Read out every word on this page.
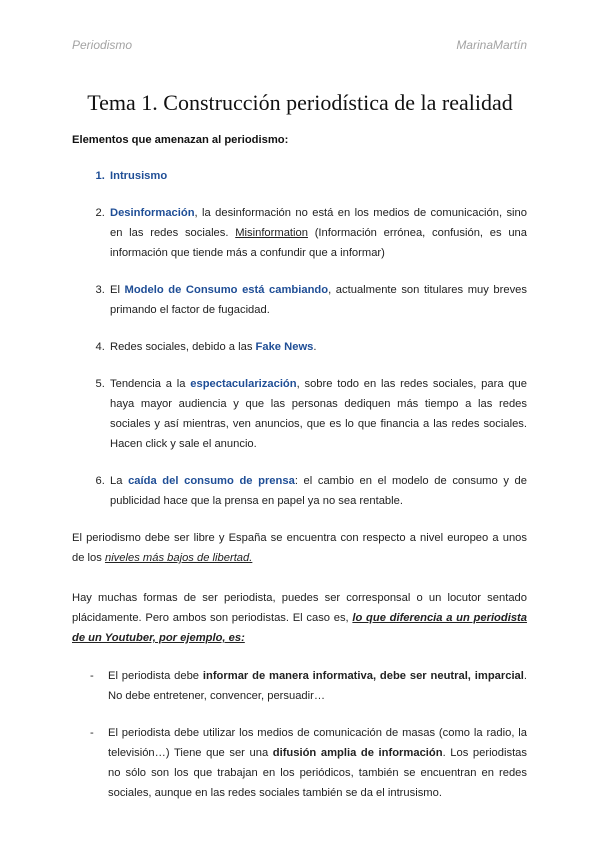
Periodismo	MarinaMartín
Tema 1. Construcción periodística de la realidad

Elementos que amenazan al periodismo:

1. Intrusismo
2. Desinformación, la desinformación no está en los medios de comunicación, sino en las redes sociales. Misinformation (Información errónea, confusión, es una información que tiende más a confundir que a informar)
3. El Modelo de Consumo está cambiando, actualmente son titulares muy breves primando el factor de fugacidad.
4. Redes sociales, debido a las Fake News.
5. Tendencia a la espectacularización, sobre todo en las redes sociales, para que haya mayor audiencia y que las personas dediquen más tiempo a las redes sociales y así mientras, ven anuncios, que es lo que financia a las redes sociales. Hacen click y sale el anuncio.
6. La caída del consumo de prensa: el cambio en el modelo de consumo y de publicidad hace que la prensa en papel ya no sea rentable.

El periodismo debe ser libre y España se encuentra con respecto a nivel europeo a unos de los niveles más bajos de libertad.

Hay muchas formas de ser periodista, puedes ser corresponsal o un locutor sentado plácidamente. Pero ambos son periodistas. El caso es, lo que diferencia a un periodista de un Youtuber, por ejemplo, es:

- El periodista debe informar de manera informativa, debe ser neutral, imparcial. No debe entretener, convencer, persuadir…
- El periodista debe utilizar los medios de comunicación de masas (como la radio, la televisión…) Tiene que ser una difusión amplia de información. Los periodistas no sólo son los que trabajan en los periódicos, también se encuentran en redes sociales, aunque en las redes sociales también se da el intrusismo.
